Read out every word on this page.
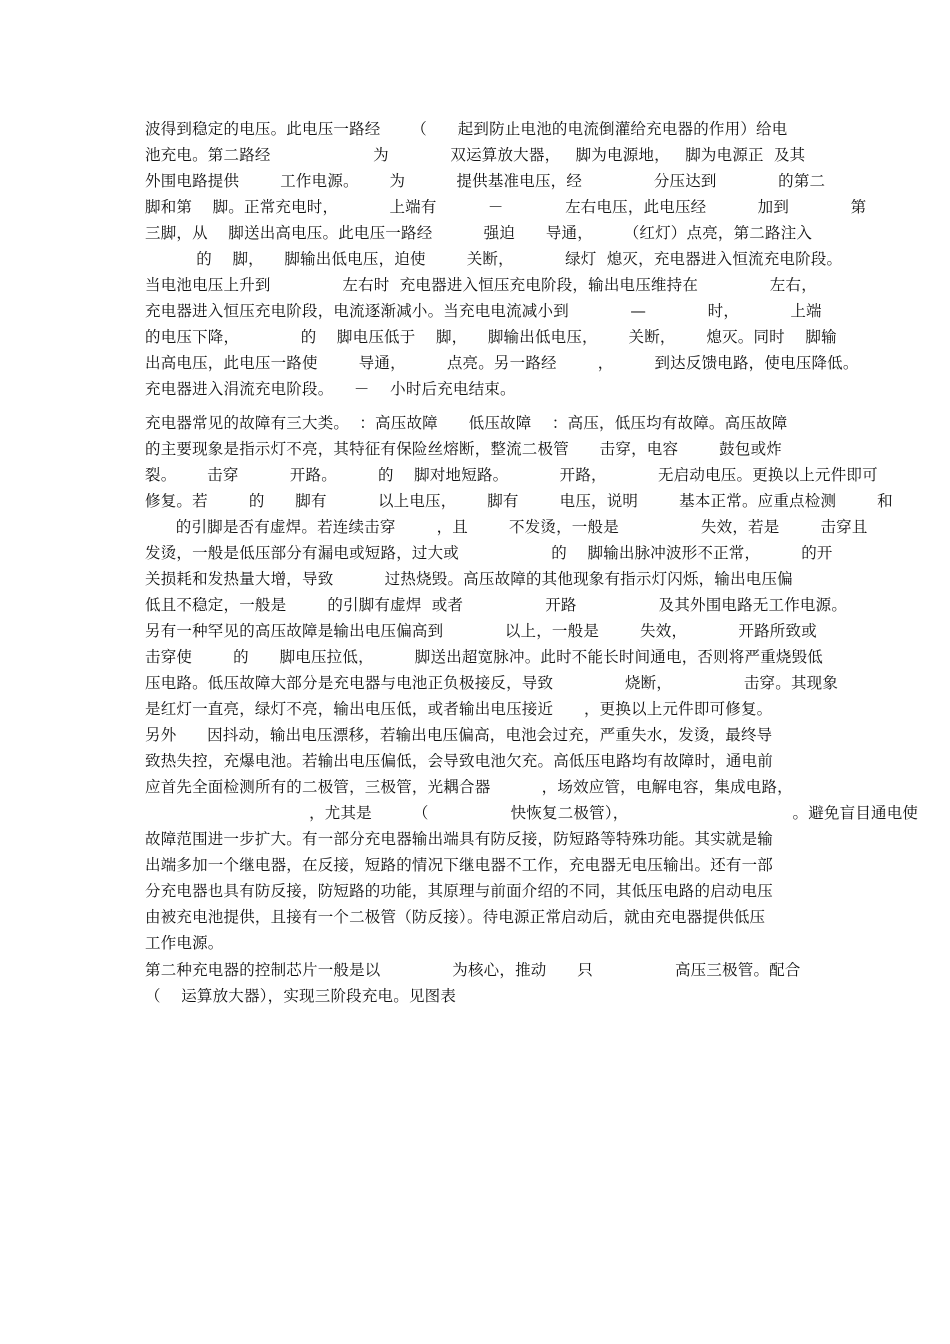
波得到稳定的电压。此电压一路经      （      起到防止电池的电流倒灌给充电器的作用）给电
池充电。第二路经                    为            双运算放大器，   脚为电源地，   脚为电源正  及其
外围电路提供        工作电源。      为          提供基准电压，经              分压达到            的第二
脚和第    脚。正常充电时，          上端有          －            左右电压，此电压经          加到            第
三脚，从    脚送出高电压。此电压一路经          强迫      导通，      （红灯）点亮，第二路注入
的    脚，    脚输出低电压，迫使        关断，          绿灯  熄灭，充电器进入恒流充电阶段。
当电池电压上升到              左右时  充电器进入恒压充电阶段，输出电压维持在              左右，
充电器进入恒压充电阶段，电流逐渐减小。当充电电流减小到            —            时，          上端
的电压下降，            的    脚电压低于    脚，    脚输出低电压，      关断，      熄灭。同时    脚输
出高电压，此电压一路使        导通，        点亮。另一路经        ，        到达反馈电路，使电压降低。
充电器进入涓流充电阶段。    －    小时后充电结束。
充电器常见的故障有三大类。  ：高压故障      低压故障    ：高压，低压均有故障。高压故障
的主要现象是指示灯不亮，其特征有保险丝熔断，整流二极管      击穿，电容        鼓包或炸
裂。      击穿          开路。        的    脚对地短路。          开路，          无启动电压。更换以上元件即可
修复。若        的      脚有          以上电压，      脚有        电压，说明        基本正常。应重点检测        和
的引脚是否有虚焊。若连续击穿        ，且        不发烫，一般是                失效，若是        击穿且
发烫，一般是低压部分有漏电或短路，过大或                  的    脚输出脉冲波形不正常，        的开
关损耗和发热量大增，导致          过热烧毁。高压故障的其他现象有指示灯闪烁，输出电压偏
低且不稳定，一般是        的引脚有虚焊  或者                开路                及其外围电路无工作电源。
另有一种罕见的高压故障是输出电压偏高到            以上，一般是        失效，          开路所致或
击穿使        的      脚电压拉低，        脚送出超宽脉冲。此时不能长时间通电，否则将严重烧毁低
压电路。低压故障大部分是充电器与电池正负极接反，导致              烧断，              击穿。其现象
是红灯一直亮，绿灯不亮，输出电压低，或者输出电压接近      ，更换以上元件即可修复。
另外      因抖动，输出电压漂移，若输出电压偏高，电池会过充，严重失水，发烫，最终导
致热失控，充爆电池。若输出电压偏低，会导致电池欠充。高低压电路均有故障时，通电前
应首先全面检测所有的二极管，三极管，光耦合器          ，场效应管，电解电容，集成电路，
，尤其是        （                快恢复二极管），                                。避免盲目通电使
故障范围进一步扩大。有一部分充电器输出端具有防反接，防短路等特殊功能。其实就是输
出端多加一个继电器，在反接，短路的情况下继电器不工作，充电器无电压输出。还有一部
分充电器也具有防反接，防短路的功能，其原理与前面介绍的不同，其低压电路的启动电压
由被充电池提供，且接有一个二极管（防反接）。待电源正常启动后，就由充电器提供低压
工作电源。
第二种充电器的控制芯片一般是以              为核心，推动      只                高压三极管。配合
（    运算放大器），实现三阶段充电。见图表
